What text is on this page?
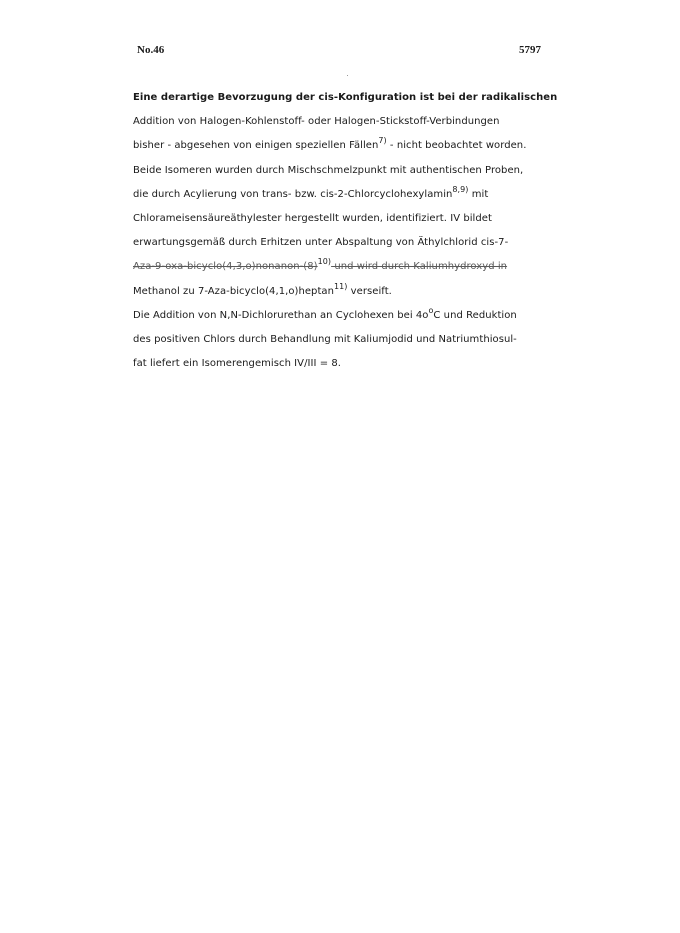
No.46	5797
Eine derartige Bevorzugung der cis-Konfiguration ist bei der radikalischen
Addition von Halogen-Kohlenstoff- oder Halogen-Stickstoff-Verbindungen
bisher - abgesehen von einigen speziellen Fällen$^{7)}$ - nicht beobachtet worden.
Beide Isomeren wurden durch Mischschmelzpunkt mit authentischen Proben,
die durch Acylierung von trans- bzw. cis-2-Chlorcyclohexylamin$^{8,9)}$ mit
Chlorameisensäureäthylester hergestellt wurden, identifiziert. IV bildet
erwartungsgemäß durch Erhitzen unter Abspaltung von Äthylchlorid cis-7-
Aza-$9-oxa-bicyclo(4,3,o)nonanon-(8)^{10)}$ und wird durch Kaliumhydroxyd in
Methanol zu 7-Aza-bicyclo(4,1,o)heptan$^{11)}$ verseift.
Die Addition von N,N-Dichlorurethan an Cyclohexen bei $4o^oC$ und Reduktion
des positiven Chlors durch Behandlung mit Kaliumjodid und Natriumthiosul-
fat liefert ein Isomerengemisch IV/III = 8.
